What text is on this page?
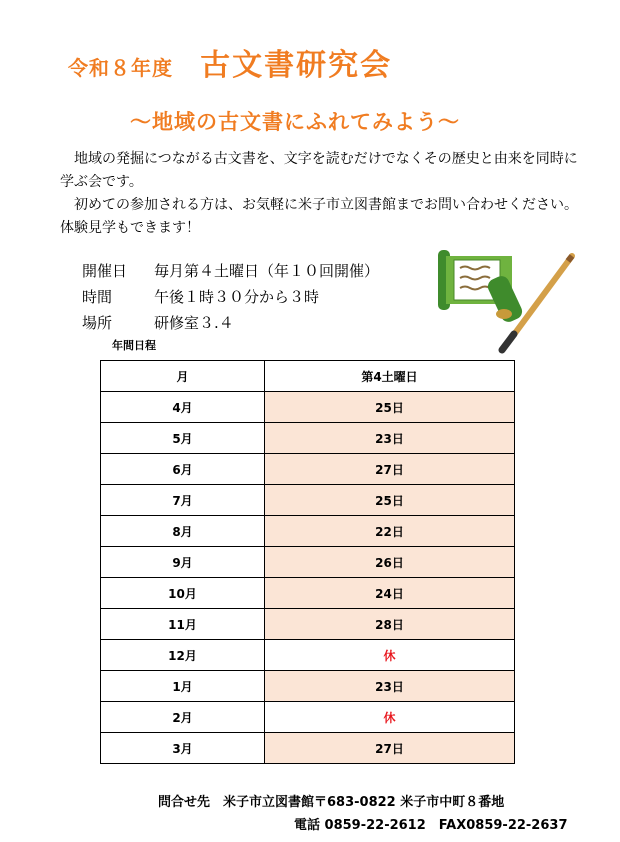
令和８年度 古文書研究会
～地域の古文書にふれてみよう～

地域の発掘につながる古文書を、文字を読むだけでなくその歴史と由来を同時に学ぶ会です。

初めての参加される方は、お気軽に米子市立図書館までお問い合わせください。体験見学もできます！

開催日 毎月第４土曜日（年１０回開催）
時間	午後１時３０分から３時
場所	研修室３.４
年間日程
月	第4土曜日
4月	25日
5月	23日
6月	27日
7月	25日
8月	22日
9月	26日
10月	24日
11月	28日
12月	休
1月	23日
2月	休
3月	27日
問合せ先　米子市立図書館〒683-0822 米子市中町８番地
電話 0859-22-2612　FAX0859-22-2637
